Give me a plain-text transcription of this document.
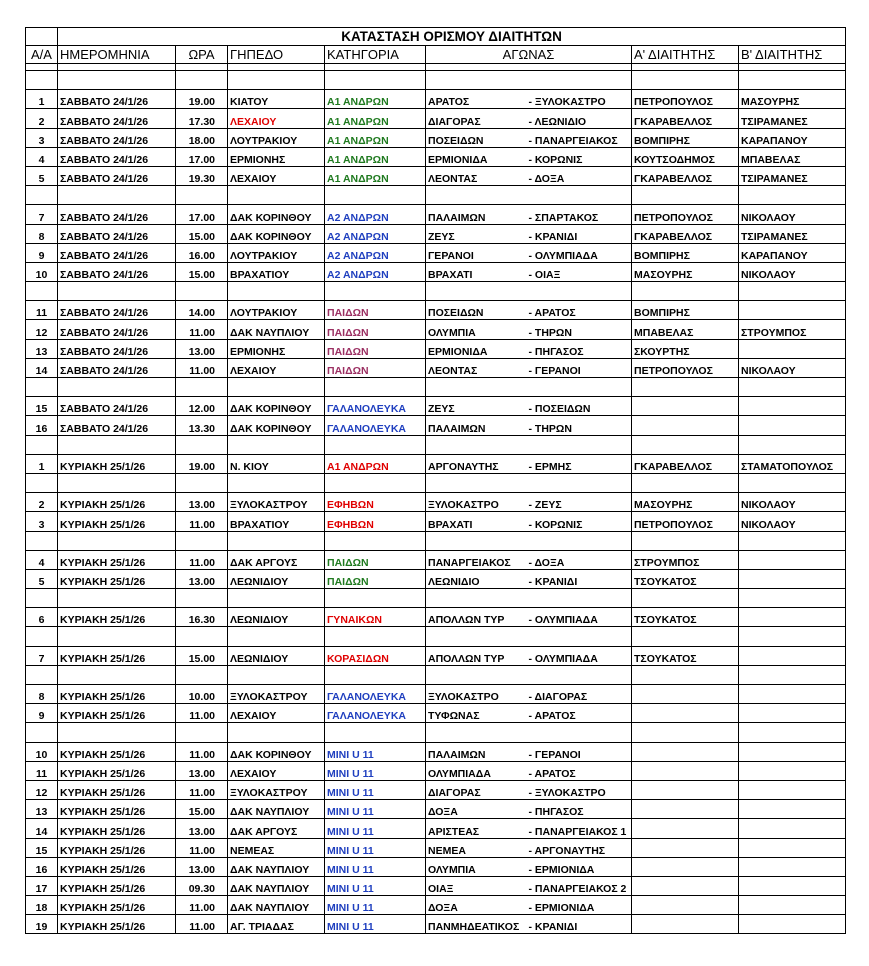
	ΚΑΤΑΣΤΑΣΗ ΟΡΙΣΜΟΥ ΔΙΑΙΤΗΤΩΝ							
Α/Α	ΗΜΕΡΟΜΗΝΙΑ	ΩΡΑ	ΓΗΠΕΔΟ	ΚΑΤΗΓΟΡΙΑ	ΑΓΩΝΑΣ		Α' ΔΙΑΙΤΗΤΗΣ	Β' ΔΙΑΙΤΗΤΗΣ

1	ΣΑΒΒΑΤΟ 24/1/26	19.00	ΚΙΑΤΟΥ	Α1 ΑΝΔΡΩΝ	ΑΡΑΤΟΣ	- ΞΥΛΟΚΑΣΤΡΟ	ΠΕΤΡΟΠΟΥΛΟΣ	ΜΑΣΟΥΡΗΣ
2	ΣΑΒΒΑΤΟ 24/1/26	17.30	ΛΕΧΑΙΟΥ	Α1 ΑΝΔΡΩΝ	ΔΙΑΓΟΡΑΣ	- ΛΕΩΝΙΔΙΟ	ΓΚΑΡΑΒΕΛΛΟΣ	ΤΣΙΡΑΜΑΝΕΣ
3	ΣΑΒΒΑΤΟ 24/1/26	18.00	ΛΟΥΤΡΑΚΙΟΥ	Α1 ΑΝΔΡΩΝ	ΠΟΣΕΙΔΩΝ	- ΠΑΝΑΡΓΕΙΑΚΟΣ	ΒΟΜΠΙΡΗΣ	ΚΑΡΑΠΑΝΟΥ
4	ΣΑΒΒΑΤΟ 24/1/26	17.00	ΕΡΜΙΟΝΗΣ	Α1 ΑΝΔΡΩΝ	ΕΡΜΙΟΝΙΔΑ	- ΚΟΡΩΝΙΣ	ΚΟΥΤΣΟΔΗΜΟΣ	ΜΠΑΒΕΛΑΣ
5	ΣΑΒΒΑΤΟ 24/1/26	19.30	ΛΕΧΑΙΟΥ	Α1 ΑΝΔΡΩΝ	ΛΕΟΝΤΑΣ	- ΔΟΞΑ	ΓΚΑΡΑΒΕΛΛΟΣ	ΤΣΙΡΑΜΑΝΕΣ

7	ΣΑΒΒΑΤΟ 24/1/26	17.00	ΔΑΚ ΚΟΡΙΝΘΟΥ	Α2 ΑΝΔΡΩΝ	ΠΑΛΑΙΜΩΝ	- ΣΠΑΡΤΑΚΟΣ	ΠΕΤΡΟΠΟΥΛΟΣ	ΝΙΚΟΛΑΟΥ
8	ΣΑΒΒΑΤΟ 24/1/26	15.00	ΔΑΚ ΚΟΡΙΝΘΟΥ	Α2 ΑΝΔΡΩΝ	ΖΕΥΣ	- ΚΡΑΝΙΔΙ	ΓΚΑΡΑΒΕΛΛΟΣ	ΤΣΙΡΑΜΑΝΕΣ
9	ΣΑΒΒΑΤΟ 24/1/26	16.00	ΛΟΥΤΡΑΚΙΟΥ	Α2 ΑΝΔΡΩΝ	ΓΕΡΑΝΟΙ	- ΟΛΥΜΠΙΑΔΑ	ΒΟΜΠΙΡΗΣ	ΚΑΡΑΠΑΝΟΥ
10	ΣΑΒΒΑΤΟ 24/1/26	15.00	ΒΡΑΧΑΤΙΟΥ	Α2 ΑΝΔΡΩΝ	ΒΡΑΧΑΤΙ	- ΟΙΑΞ	ΜΑΣΟΥΡΗΣ	ΝΙΚΟΛΑΟΥ

11	ΣΑΒΒΑΤΟ 24/1/26	14.00	ΛΟΥΤΡΑΚΙΟΥ	ΠΑΙΔΩΝ	ΠΟΣΕΙΔΩΝ	- ΑΡΑΤΟΣ	ΒΟΜΠΙΡΗΣ	
12	ΣΑΒΒΑΤΟ 24/1/26	11.00	ΔΑΚ ΝΑΥΠΛΙΟΥ	ΠΑΙΔΩΝ	ΟΛΥΜΠΙΑ	- ΤΗΡΩΝ	ΜΠΑΒΕΛΑΣ	ΣΤΡΟΥΜΠΟΣ
13	ΣΑΒΒΑΤΟ 24/1/26	13.00	ΕΡΜΙΟΝΗΣ	ΠΑΙΔΩΝ	ΕΡΜΙΟΝΙΔΑ	- ΠΗΓΑΣΟΣ	ΣΚΟΥΡΤΗΣ	
14	ΣΑΒΒΑΤΟ 24/1/26	11.00	ΛΕΧΑΙΟΥ	ΠΑΙΔΩΝ	ΛΕΟΝΤΑΣ	- ΓΕΡΑΝΟΙ	ΠΕΤΡΟΠΟΥΛΟΣ	ΝΙΚΟΛΑΟΥ

15	ΣΑΒΒΑΤΟ 24/1/26	12.00	ΔΑΚ ΚΟΡΙΝΘΟΥ	ΓΑΛΑΝΟΛΕΥΚΑ	ΖΕΥΣ	- ΠΟΣΕΙΔΩΝ		
16	ΣΑΒΒΑΤΟ 24/1/26	13.30	ΔΑΚ ΚΟΡΙΝΘΟΥ	ΓΑΛΑΝΟΛΕΥΚΑ	ΠΑΛΑΙΜΩΝ	- ΤΗΡΩΝ		

1	ΚΥΡΙΑΚΗ 25/1/26	19.00	Ν. ΚΙΟΥ	Α1 ΑΝΔΡΩΝ	ΑΡΓΟΝΑΥΤΗΣ	- ΕΡΜΗΣ	ΓΚΑΡΑΒΕΛΛΟΣ	ΣΤΑΜΑΤΟΠΟΥΛΟΣ

2	ΚΥΡΙΑΚΗ 25/1/26	13.00	ΞΥΛΟΚΑΣΤΡΟΥ	ΕΦΗΒΩΝ	ΞΥΛΟΚΑΣΤΡΟ	- ΖΕΥΣ	ΜΑΣΟΥΡΗΣ	ΝΙΚΟΛΑΟΥ
3	ΚΥΡΙΑΚΗ 25/1/26	11.00	ΒΡΑΧΑΤΙΟΥ	ΕΦΗΒΩΝ	ΒΡΑΧΑΤΙ	- ΚΟΡΩΝΙΣ	ΠΕΤΡΟΠΟΥΛΟΣ	ΝΙΚΟΛΑΟΥ

4	ΚΥΡΙΑΚΗ 25/1/26	11.00	ΔΑΚ ΑΡΓΟΥΣ	ΠΑΙΔΩΝ	ΠΑΝΑΡΓΕΙΑΚΟΣ	- ΔΟΞΑ	ΣΤΡΟΥΜΠΟΣ	
5	ΚΥΡΙΑΚΗ 25/1/26	13.00	ΛΕΩΝΙΔΙΟΥ	ΠΑΙΔΩΝ	ΛΕΩΝΙΔΙΟ	- ΚΡΑΝΙΔΙ	ΤΣΟΥΚΑΤΟΣ	

6	ΚΥΡΙΑΚΗ 25/1/26	16.30	ΛΕΩΝΙΔΙΟΥ	ΓΥΝΑΙΚΩΝ	ΑΠΟΛΛΩΝ ΤΥΡ	- ΟΛΥΜΠΙΑΔΑ	ΤΣΟΥΚΑΤΟΣ	

7	ΚΥΡΙΑΚΗ 25/1/26	15.00	ΛΕΩΝΙΔΙΟΥ	ΚΟΡΑΣΙΔΩΝ	ΑΠΟΛΛΩΝ ΤΥΡ	- ΟΛΥΜΠΙΑΔΑ	ΤΣΟΥΚΑΤΟΣ	

8	ΚΥΡΙΑΚΗ 25/1/26	10.00	ΞΥΛΟΚΑΣΤΡΟΥ	ΓΑΛΑΝΟΛΕΥΚΑ	ΞΥΛΟΚΑΣΤΡΟ	- ΔΙΑΓΟΡΑΣ		
9	ΚΥΡΙΑΚΗ 25/1/26	11.00	ΛΕΧΑΙΟΥ	ΓΑΛΑΝΟΛΕΥΚΑ	ΤΥΦΩΝΑΣ	- ΑΡΑΤΟΣ		

10	ΚΥΡΙΑΚΗ 25/1/26	11.00	ΔΑΚ ΚΟΡΙΝΘΟΥ	MINI U 11	ΠΑΛΑΙΜΩΝ	- ΓΕΡΑΝΟΙ		
11	ΚΥΡΙΑΚΗ 25/1/26	13.00	ΛΕΧΑΙΟΥ	MINI U 11	ΟΛΥΜΠΙΑΔΑ	- ΑΡΑΤΟΣ		
12	ΚΥΡΙΑΚΗ 25/1/26	11.00	ΞΥΛΟΚΑΣΤΡΟΥ	MINI U 11	ΔΙΑΓΟΡΑΣ	- ΞΥΛΟΚΑΣΤΡΟ		
13	ΚΥΡΙΑΚΗ 25/1/26	15.00	ΔΑΚ ΝΑΥΠΛΙΟΥ	MINI U 11	ΔΟΞΑ	- ΠΗΓΑΣΟΣ		
14	ΚΥΡΙΑΚΗ 25/1/26	13.00	ΔΑΚ ΑΡΓΟΥΣ	MINI U 11	ΑΡΙΣΤΕΑΣ	- ΠΑΝΑΡΓΕΙΑΚΟΣ 1		
15	ΚΥΡΙΑΚΗ 25/1/26	11.00	ΝΕΜΕΑΣ	MINI U 11	ΝΕΜΕΑ	- ΑΡΓΟΝΑΥΤΗΣ		
16	ΚΥΡΙΑΚΗ 25/1/26	13.00	ΔΑΚ ΝΑΥΠΛΙΟΥ	MINI U 11	ΟΛΥΜΠΙΑ	- ΕΡΜΙΟΝΙΔΑ		
17	ΚΥΡΙΑΚΗ 25/1/26	09.30	ΔΑΚ ΝΑΥΠΛΙΟΥ	MINI U 11	ΟΙΑΞ	- ΠΑΝΑΡΓΕΙΑΚΟΣ 2		
18	ΚΥΡΙΑΚΗ 25/1/26	11.00	ΔΑΚ ΝΑΥΠΛΙΟΥ	MINI U 11	ΔΟΞΑ	- ΕΡΜΙΟΝΙΔΑ		
19	ΚΥΡΙΑΚΗ 25/1/26	11.00	ΑΓ. ΤΡΙΑΔΑΣ	MINI U 11	ΠΑΝΜΗΔΕΑΤΙΚΟΣ	- ΚΡΑΝΙΔΙ		
